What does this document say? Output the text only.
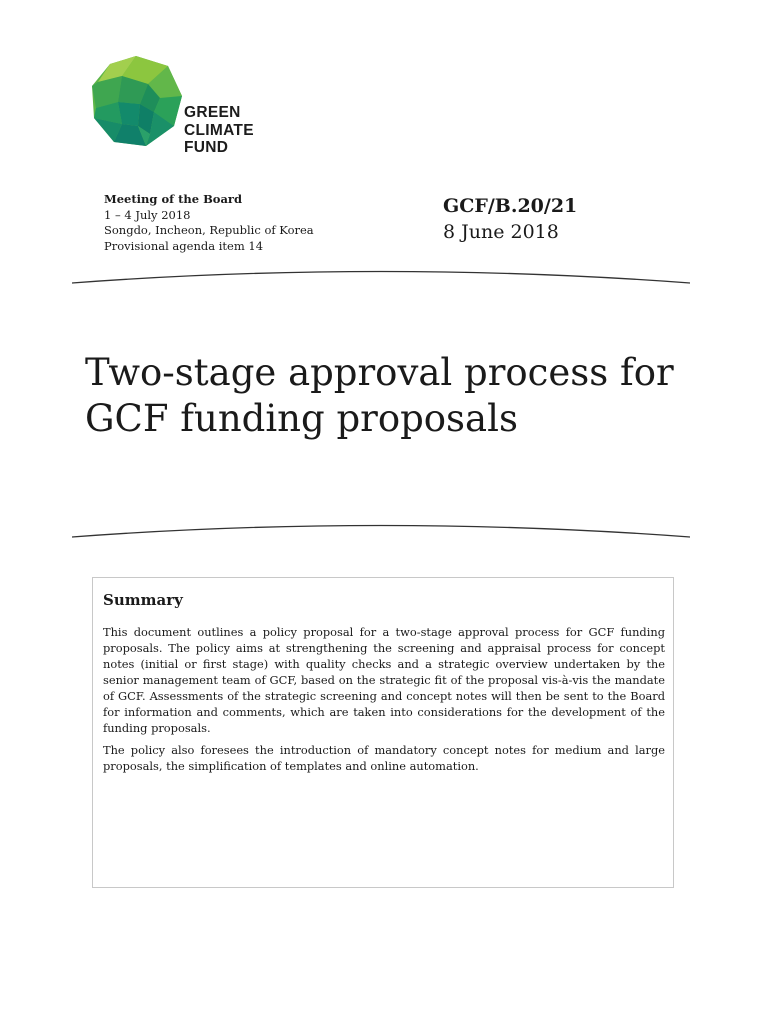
GREEN
CLIMATE
FUND
Meeting of the Board
1 – 4 July 2018
Songdo, Incheon, Republic of Korea
Provisional agenda item 14
GCF/B.20/21
8 June 2018
Two-stage approval process for
GCF funding proposals
Summary

This document outlines a policy proposal for a two-stage approval process for GCF funding proposals. The policy aims at strengthening the screening and appraisal process for concept notes (initial or first stage) with quality checks and a strategic overview undertaken by the senior management team of GCF, based on the strategic fit of the proposal vis-à-vis the mandate of GCF. Assessments of the strategic screening and concept notes will then be sent to the Board for information and comments, which are taken into considerations for the development of the funding proposals.

The policy also foresees the introduction of mandatory concept notes for medium and large proposals, the simplification of templates and online automation.
